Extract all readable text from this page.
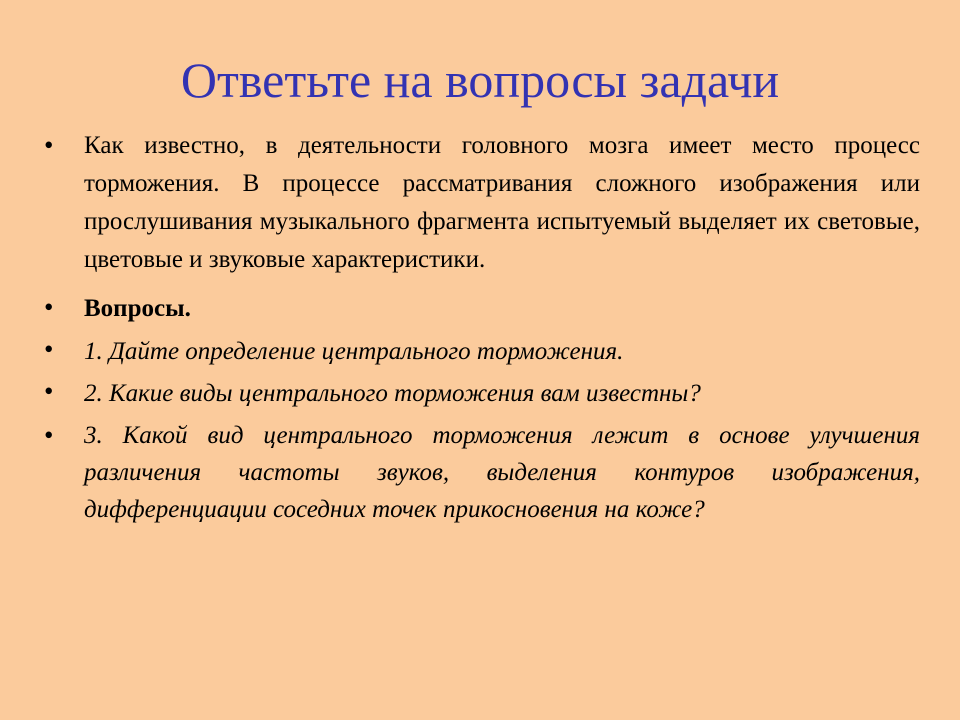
Ответьте на вопросы задачи
• Как известно, в деятельности головного мозга имеет место процесс торможения. В процессе рассматривания сложного изображения или прослушивания музыкального фрагмента испытуемый выделяет их световые, цветовые и звуковые характеристики.
• Вопросы.
• 1. Дайте определение центрального торможения.
• 2. Какие виды центрального торможения вам известны?
• 3. Какой вид центрального торможения лежит в основе улучшения различения частоты звуков, выделения контуров изображения, дифференциации соседних точек прикосновения на коже?
